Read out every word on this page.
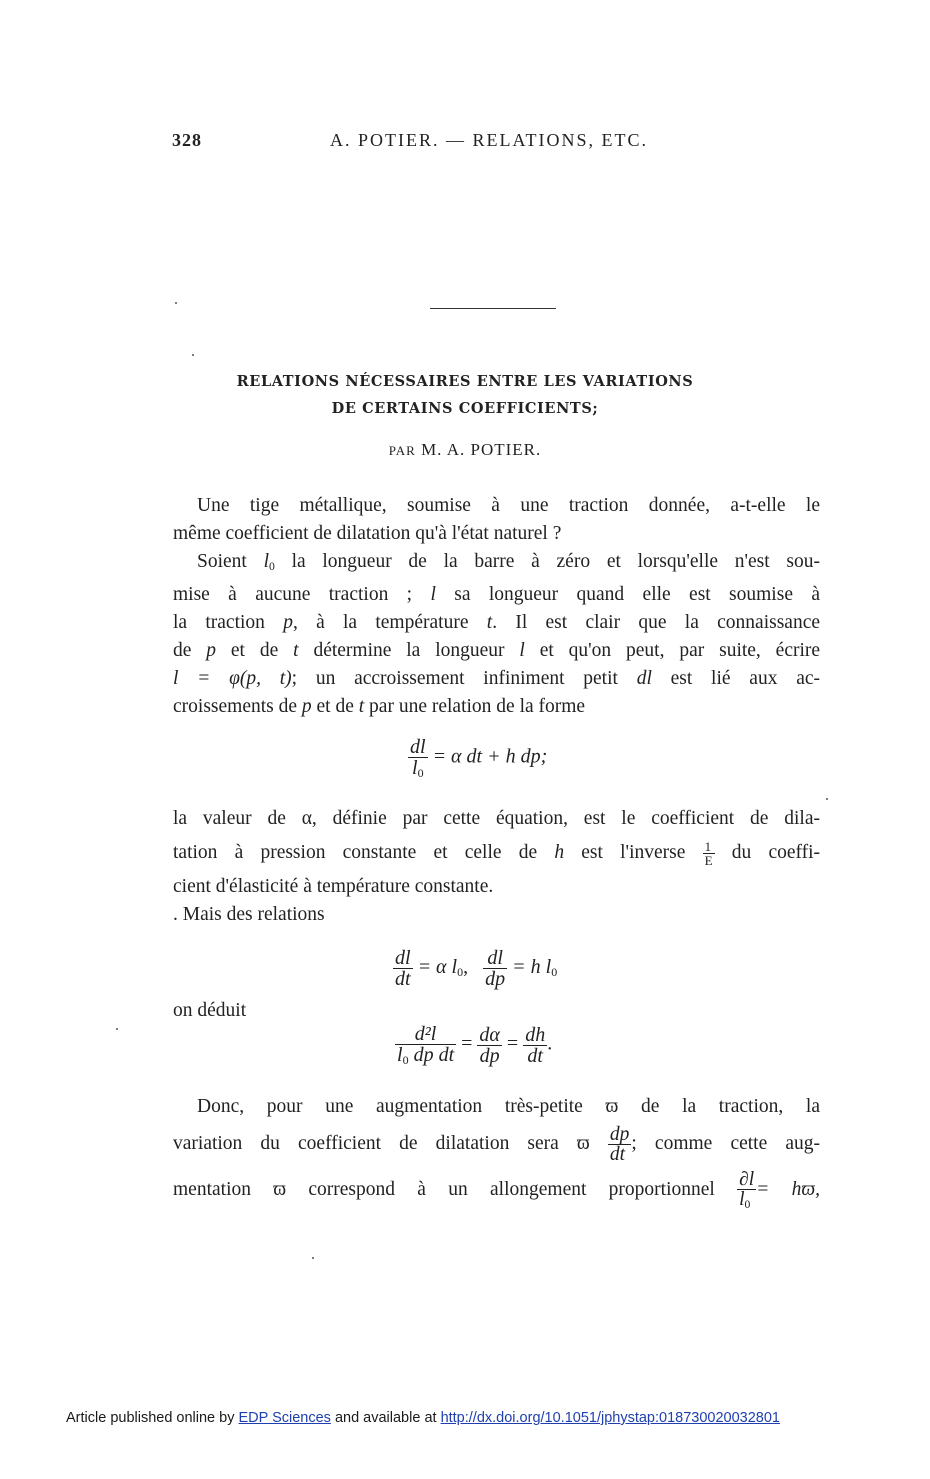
328	A. POTIER. — RELATIONS, ETC.
RELATIONS NÉCESSAIRES ENTRE LES VARIATIONS
DE CERTAINS COEFFICIENTS;
PAR M. A. POTIER.
Une tige métallique, soumise à une traction donnée, a-t-elle le
même coefficient de dilatation qu'à l'état naturel ?
Soient $l_0$ la longueur de la barre à zéro et lorsqu'elle n'est sou-
mise à aucune traction ; l sa longueur quand elle est soumise à
la traction p, à la température t. Il est clair que la connaissance
de p et de t détermine la longueur l et qu'on peut, par suite, écrire
l = φ(p, t); un accroissement infiniment petit dl est lié aux ac-
croissements de p et de t par une relation de la forme
$\frac{dl}{l_0} = \alpha$ dt + h dp;
la valeur de α, définie par cette équation, est le coefficient de dila-
tation à pression constante et celle de h est l'inverse $\frac{1}{E}$ du coeffi-
cient d'élasticité à température constante.
. Mais des relations
$\frac{dl}{dt} = \alpha$ $l_0$, $\frac{dl}{dp} = h$ $l_0$
on déduit
$\frac{\text{d²l}}{l_0 dp dt} = \frac{d\alpha}{dp} = \frac{dh}{dt}$ .
Donc, pour une augmentation très-petite ϖ de la traction, la
variation du coefficient de dilatation sera ϖ $\frac{dp}{dt}$ ; comme cette aug-
mentation ϖ correspond à un allongement proportionnel $\frac{\partial l}{l_0} = hϖ$,
Article published online by EDP Sciences and available at http://dx.doi.org/10.1051/jphystap:018730020032801
